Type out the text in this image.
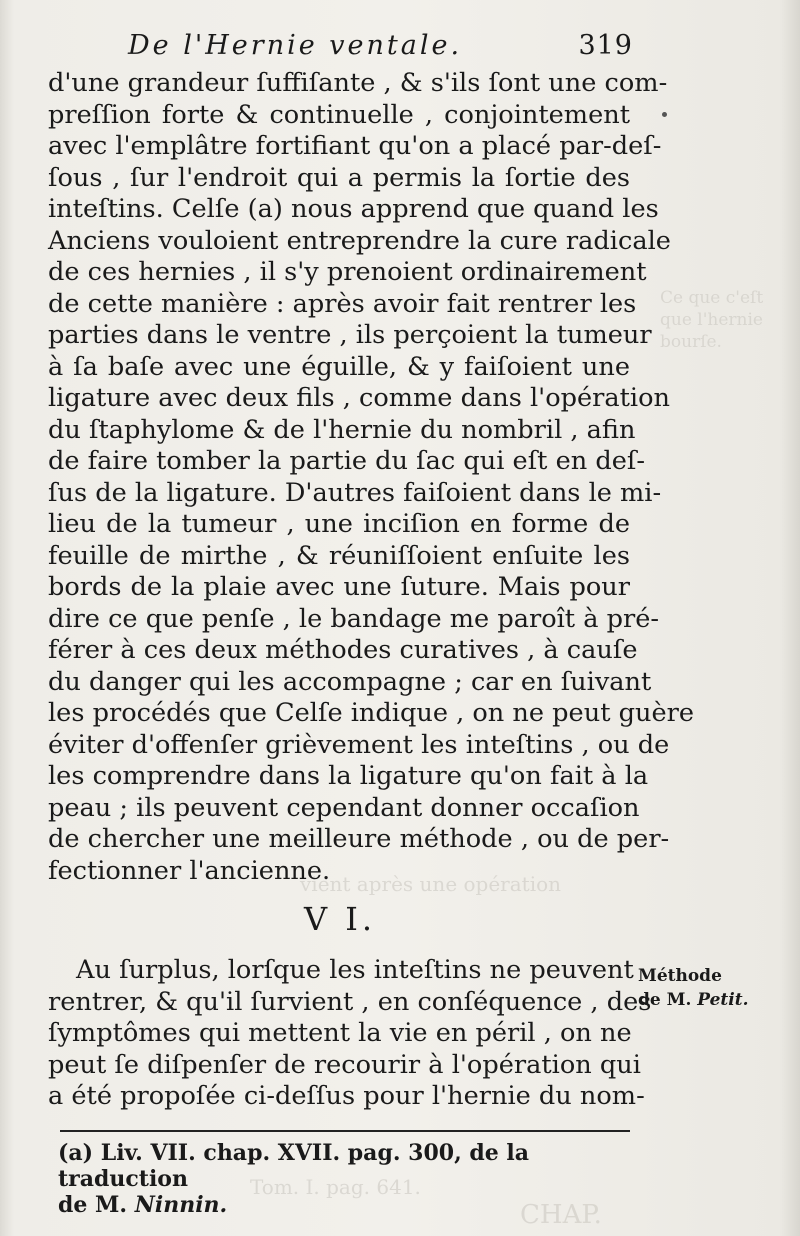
Ce que c'eſt
que l'hernie
bourſe.
vient après une opération
Tom. I. pag. 641.
CHAP.
De l'Hernie ventale.	319
d'une grandeur ſuffiſante , & s'ils ſont une com-
preſſion forte & continuelle , conjointement
avec l'emplâtre fortifiant qu'on a placé par-deſ-
ſous , ſur l'endroit qui a permis la ſortie des
inteſtins. Celſe (a) nous apprend que quand les
Anciens vouloient entreprendre la cure radicale
de ces hernies , il s'y prenoient ordinairement
de cette manière : après avoir fait rentrer les
parties dans le ventre , ils perçoient la tumeur
à ſa baſe avec une éguille, & y faiſoient une
ligature avec deux fils , comme dans l'opération
du ſtaphylome & de l'hernie du nombril , afin
de faire tomber la partie du ſac qui eſt en deſ-
ſus de la ligature. D'autres faiſoient dans le mi-
lieu de la tumeur , une inciſion en forme de
feuille de mirthe , & réuniſſoient enſuite les
bords de la plaie avec une ſuture. Mais pour
dire ce que penſe , le bandage me paroît à pré-
férer à ces deux méthodes curatives , à cauſe
du danger qui les accompagne ; car en ſuivant
les procédés que Celſe indique , on ne peut guère
éviter d'offenſer grièvement les inteſtins , ou de
les comprendre dans la ligature qu'on fait à la
peau ; ils peuvent cependant donner occaſion
de chercher une meilleure méthode , ou de per-
fectionner l'ancienne.
V I.
Au ſurplus, lorſque les inteſtins ne peuvent
rentrer, & qu'il ſurvient , en conſéquence , des
ſymptômes qui mettent la vie en péril , on ne
peut ſe diſpenſer de recourir à l'opération qui
a été propoſée ci-deſſus pour l'hernie du nom-
Méthode
de M. Petit.
(a) Liv. VII. chap. XVII. pag. 300, de la traduction
de M. Ninnin.
